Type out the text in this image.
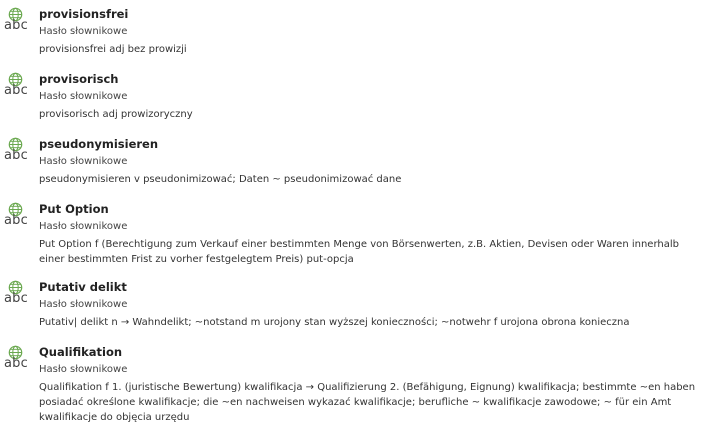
abc
provisionsfrei
Hasło słownikowe
provisionsfrei adj bez prowizji
abc
provisorisch
Hasło słownikowe
provisorisch adj prowizoryczny
abc
pseudonymisieren
Hasło słownikowe
pseudonymisieren v pseudonimizować; Daten ~ pseudonimizować dane
abc
Put Option
Hasło słownikowe
Put Option f (Berechtigung zum Verkauf einer bestimmten Menge von Börsenwerten, z.B. Aktien, Devisen oder Waren innerhalb einer bestimmten Frist zu vorher festgelegtem Preis) put-opcja
abc
Putativ delikt
Hasło słownikowe
Putativ| delikt n → Wahndelikt; ~notstand m urojony stan wyższej konieczności; ~notwehr f urojona obrona konieczna
abc
Qualifikation
Hasło słownikowe
Qualifikation f 1. (juristische Bewertung) kwalifikacja → Qualifizierung 2. (Befähigung, Eignung) kwalifikacja; bestimmte ~en haben posiadać określone kwalifikacje; die ~en nachweisen wykazać kwalifikacje; berufliche ~ kwalifikacje zawodowe; ~ für ein Amt kwalifikacje do objęcia urzędu
